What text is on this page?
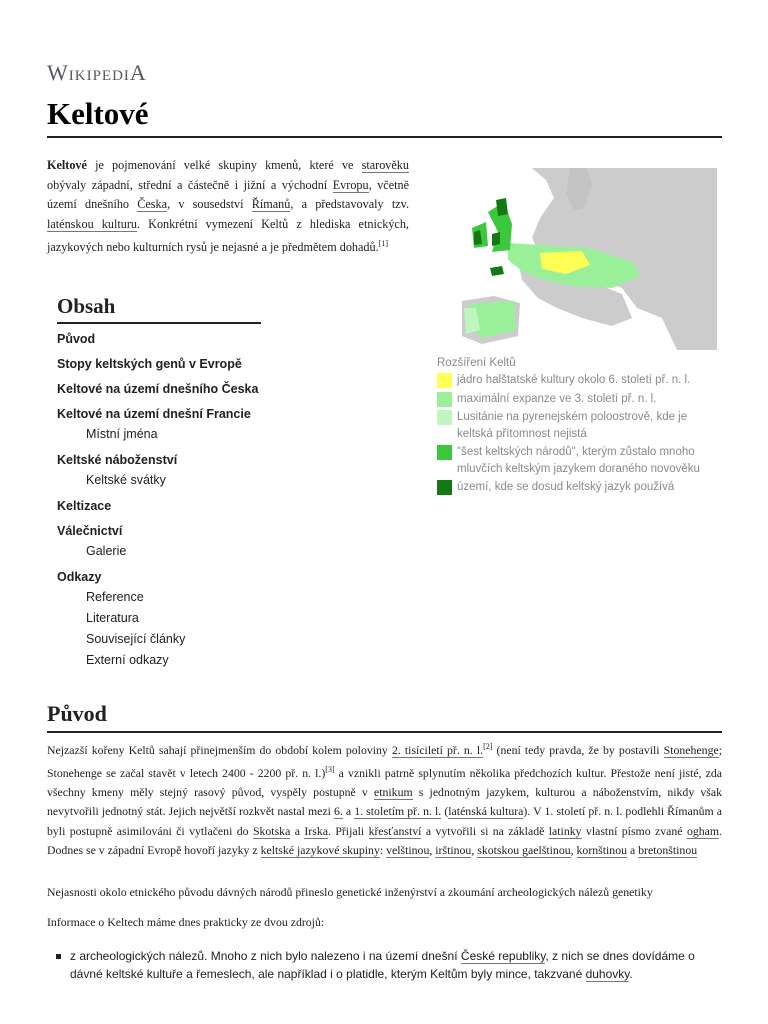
WikipediA
Keltové

Keltové je pojmenování velké skupiny kmenů, které ve starověku obývaly západní, střední a částečně i jižní a východní Evropu, včetně území dnešního Česka, v sousedství Římanů, a představovaly tzv. laténskou kulturu. Konkrétní vymezení Keltů z hlediska etnických, jazykových nebo kulturních rysů je nejasné a je předmětem dohadů.[1]

Rozšíření Keltů
jádro halštatské kultury okolo 6. století př. n. l.
maximální expanze ve 3. století př. n. l.
Lusitánie na pyrenejském poloostrově, kde je keltská přítomnost nejistá
"šest keltských národů", kterým zůstalo mnoho mluvčích keltským jazykem doraného novověku
území, kde se dosud keltský jazyk používá
Obsah
Původ
Stopy keltských genů v Evropě
Keltové na území dnešního Česka
Keltové na území dnešní Francie
Místní jména
Keltské náboženství
Keltské svátky
Keltizace
Válečnictví
Galerie
Odkazy
Reference
Literatura
Související články
Externí odkazy
Původ

Nejzazší kořeny Keltů sahají přinejmenším do období kolem poloviny 2. tisíciletí př. n. l.[2] (není tedy pravda, že by postavili Stonehenge; Stonehenge se začal stavět v letech 2400 - 2200 př. n. l.)[3] a vznikli patrně splynutím několika předchozích kultur. Přestože není jisté, zda všechny kmeny měly stejný rasový původ, vyspěly postupně v etnikum s jednotným jazykem, kulturou a náboženstvím, nikdy však nevytvořili jednotný stát. Jejich největší rozkvět nastal mezi 6. a 1. stoletím př. n. l. (laténská kultura). V 1. století př. n. l. podlehli Římanům a byli postupně asimilováni či vytlačeni do Skotska a Irska. Přijali křesťanství a vytvořili si na základě latinky vlastní písmo zvané ogham. Dodnes se v západní Evropě hovoří jazyky z keltské jazykové skupiny: velštinou, irštinou, skotskou gaelštinou, kornštinou a bretonštinou

Nejasnosti okolo etnického původu dávných národů přineslo genetické inženýrství a zkoumání archeologických nálezů genetiky

Informace o Keltech máme dnes prakticky ze dvou zdrojů:

z archeologických nálezů. Mnoho z nich bylo nalezeno i na území dnešní České republiky, z nich se dnes dovídáme o dávné keltské kultuře a řemeslech, ale například i o platidle, kterým Keltům byly mince, takzvané duhovky.
